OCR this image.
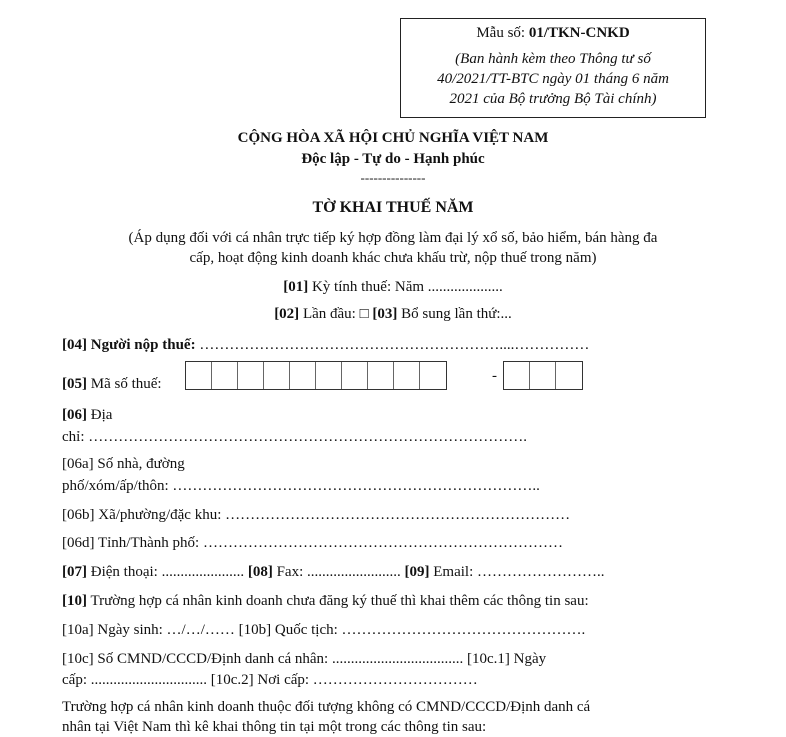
Mẫu số: 01/TKN-CNKD
(Ban hành kèm theo Thông tư số
40/2021/TT-BTC ngày 01 tháng 6 năm
2021 của Bộ trưởng Bộ Tài chính)
CỘNG HÒA XÃ HỘI CHỦ NGHĨA VIỆT NAM
Độc lập - Tự do - Hạnh phúc
---------------
TỜ KHAI THUẾ NĂM
(Áp dụng đối với cá nhân trực tiếp ký hợp đồng làm đại lý xổ số, bảo hiểm, bán hàng đa
cấp, hoạt động kinh doanh khác chưa khấu trừ, nộp thuế trong năm)
[01] Kỳ tính thuế: Năm ....................
[02] Lần đầu: □ [03] Bổ sung lần thứ:...
[04] Người nộp thuế: ……………………………………………………....……………
[05] Mã số thuế:	-
[06] Địa
chỉ: …………………………………………………………………………….
[06a] Số nhà, đường
phố/xóm/ấp/thôn: ………………………………………………………………..
[06b] Xã/phường/đặc khu: ……………………………………………………………
[06d] Tỉnh/Thành phố: ………………………………………………………………
[07] Điện thoại: ...................... [08] Fax: ......................... [09] Email: ……………………..
[10] Trường hợp cá nhân kinh doanh chưa đăng ký thuế thì khai thêm các thông tin sau:
[10a] Ngày sinh: …/…/…… [10b] Quốc tịch: ………………………………………….
[10c] Số CMND/CCCD/Định danh cá nhân: ................................... [10c.1] Ngày
cấp: ............................... [10c.2] Nơi cấp: ……………………………
Trường hợp cá nhân kinh doanh thuộc đối tượng không có CMND/CCCD/Định danh cá
nhân tại Việt Nam thì kê khai thông tin tại một trong các thông tin sau:
